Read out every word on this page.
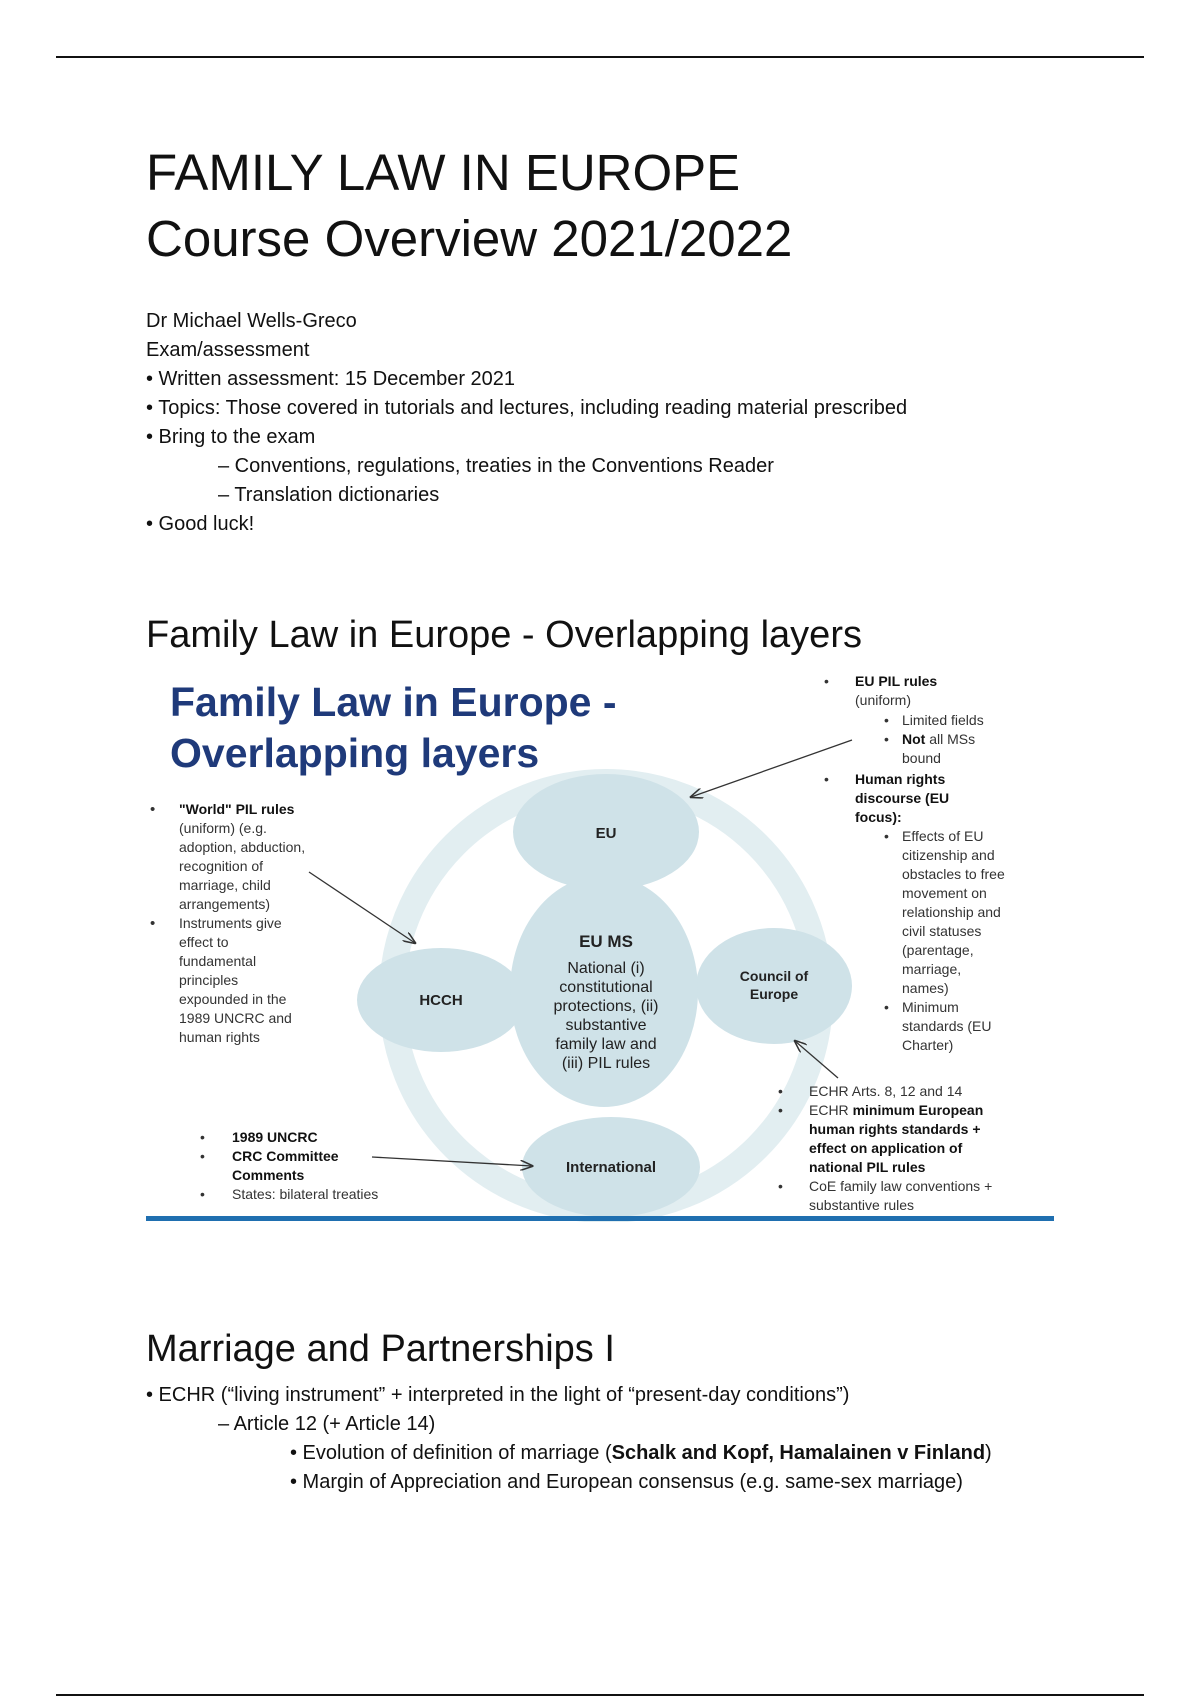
FAMILY LAW IN EUROPE
Course Overview 2021/2022
Dr Michael Wells-Greco
Exam/assessment
• Written assessment: 15 December 2021
• Topics: Those covered in tutorials and lectures, including reading material prescribed
• Bring to the exam
– Conventions, regulations, treaties in the Conventions Reader
– Translation dictionaries
• Good luck!
Family Law in Europe - Overlapping layers
Family Law in Europe -
Overlapping layers
EU
HCCH
Council of
Europe
International
EU MS
National (i)
constitutional
protections, (ii)
substantive
family law and
(iii) PIL rules
• "World" PIL rules
(uniform) (e.g.
adoption, abduction,
recognition of
marriage, child
arrangements)
• Instruments give
effect to
fundamental
principles
expounded in the
1989 UNCRC and
human rights
• 1989 UNCRC
• CRC Committee
Comments
• States: bilateral treaties
• EU PIL rules
(uniform)
• Limited fields
• Not all MSs
bound
• Human rights
discourse (EU
focus):
• Effects of EU
citizenship and
obstacles to free
movement on
relationship and
civil statuses
(parentage,
marriage,
names)
• Minimum
standards (EU
Charter)
• ECHR Arts. 8, 12 and 14
• ECHR minimum European
human rights standards +
effect on application of
national PIL rules
• CoE family law conventions +
substantive rules
Marriage and Partnerships I
• ECHR (“living instrument” + interpreted in the light of “present-day conditions”)
– Article 12 (+ Article 14)
• Evolution of definition of marriage (Schalk and Kopf, Hamalainen v Finland)
• Margin of Appreciation and European consensus (e.g. same-sex marriage)
